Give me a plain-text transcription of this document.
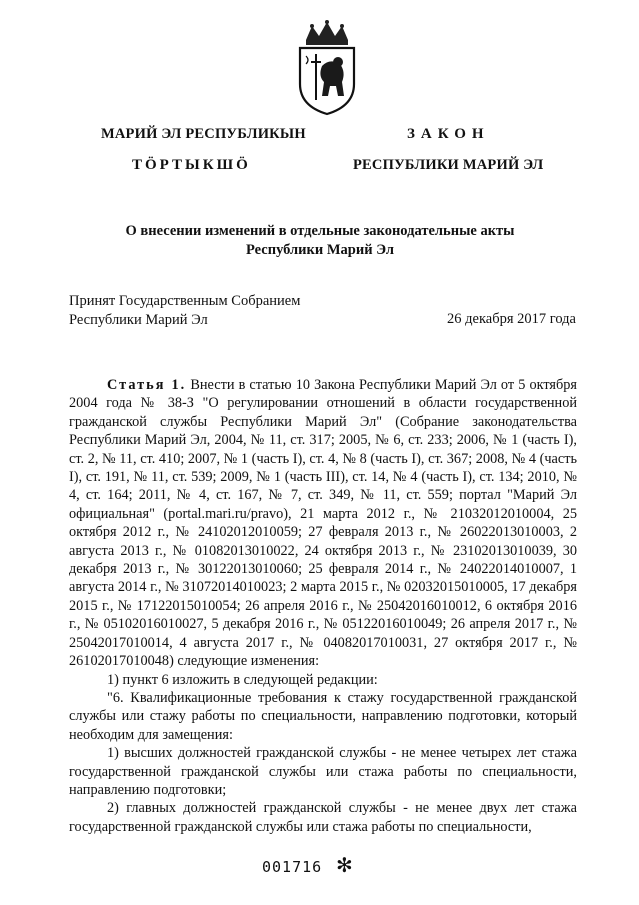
МАРИЙ ЭЛ РЕСПУБЛИКЫН
ТӦРТЫКШӦ
ЗАКОН
РЕСПУБЛИКИ МАРИЙ ЭЛ
О внесении изменений в отдельные законодательные акты
Республики Марий Эл
Принят Государственным Собранием
Республики Марий Эл	26 декабря 2017 года

Статья 1. Внести в статью 10 Закона Республики Марий Эл от 5 октября 2004 года № 38-З "О регулировании отношений в области государственной гражданской службы Республики Марий Эл" (Собрание законодательства Республики Марий Эл, 2004, № 11, ст. 317; 2005, № 6, ст. 233; 2006, № 1 (часть I), ст. 2, № 11, ст. 410; 2007, № 1 (часть I), ст. 4, № 8 (часть I), ст. 367; 2008, № 4 (часть I), ст. 191, № 11, ст. 539; 2009, № 1 (часть III), ст. 14, № 4 (часть I), ст. 134; 2010, № 4, ст. 164; 2011, № 4, ст. 167, № 7, ст. 349, № 11, ст. 559; портал "Марий Эл официальная" (portal.mari.ru/pravo), 21 марта 2012 г., № 21032012010004, 25 октября 2012 г., № 24102012010059; 27 февраля 2013 г., № 26022013010003, 2 августа 2013 г., № 01082013010022, 24 октября 2013 г., № 23102013010039, 30 декабря 2013 г., № 30122013010060; 25 февраля 2014 г., № 24022014010007, 1 августа 2014 г., № 31072014010023; 2 марта 2015 г., № 02032015010005, 17 декабря 2015 г., № 17122015010054; 26 апреля 2016 г., № 25042016010012, 6 октября 2016 г., № 05102016010027, 5 декабря 2016 г., № 05122016010049; 26 апреля 2017 г., № 25042017010014, 4 августа 2017 г., № 04082017010031, 27 октября 2017 г., № 26102017010048) следующие изменения:

1) пункт 6 изложить в следующей редакции:

"6. Квалификационные требования к стажу государственной гражданской службы или стажу работы по специальности, направлению подготовки, который необходим для замещения:

1) высших должностей гражданской службы - не менее четырех лет стажа государственной гражданской службы или стажа работы по специальности, направлению подготовки;

2) главных должностей гражданской службы - не менее двух лет стажа государственной гражданской службы или стажа работы по специальности,

001716 ✻
